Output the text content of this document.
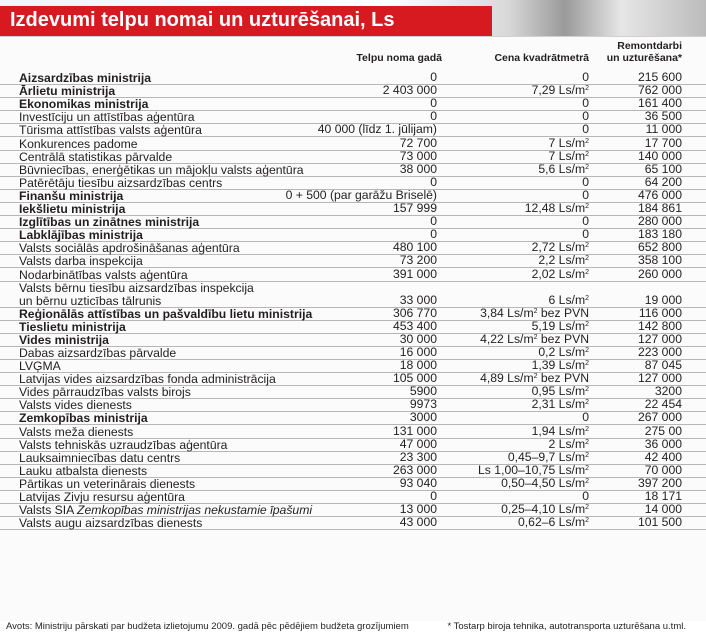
Izdevumi telpu nomai un uzturēšanai, Ls
Telpu noma gadā	Cena kvadrātmetrā
Remontdarbi
un uzturēšana*
Aizsardzības ministrija	0	0	215 600
Ārlietu ministrija	2 403 000	7,29 $Ls/m^2$	762 000
Ekonomikas ministrija	0	0	161 400
Investīciju un attīstības aģentūra	0	0	36 500
Tūrisma attīstības valsts aģentūra	40 000 (līdz 1. jūlijam)	0	11 000
Konkurences padome	72 700	7 $Ls/m^2$	17 700
Centrālā statistikas pārvalde	73 000	7 $Ls/m^2$	140 000
Būvniecības, enerģētikas un mājokļu valsts aģentūra	38 000	5,6 $Ls/m^2$	65 100
Patērētāju tiesību aizsardzības centrs	0	0	64 200
Finanšu ministrija	0 + 500 (par garāžu Briselē)	0	476 000
Iekšlietu ministrija	157 999	12,48 $Ls/m^2$	184 861
Izglītības un zinātnes ministrija	0	0	280 000
Labklājības ministrija	0	0	183 180
Valsts sociālās apdrošināšanas aģentūra	480 100	2,72 $Ls/m^2$	652 800
Valsts darba inspekcija	73 200	2,2 $Ls/m^2$	358 100
Nodarbinātības valsts aģentūra	391 000	2,02 $Ls/m^2$	260 000
Valsts bērnu tiesību aizsardzības inspekcija
un bērnu uzticības tālrunis	33 000	6 $Ls/m^2$	19 000
Reģionālās attīstības un pašvaldību lietu ministrija	306 770	3,84 $Ls/m^2$ bez PVN	116 000
Tieslietu ministrija	453 400	5,19 $Ls/m^2$	142 800
Vides ministrija	30 000	4,22 $Ls/m^2$ bez PVN	127 000
Dabas aizsardzības pārvalde	16 000	0,2 $Ls/m^2$	223 000
LVĢMA	18 000	1,39 $Ls/m^2$	87 045
Latvijas vides aizsardzības fonda administrācija	105 000	4,89 $Ls/m^2$ bez PVN	127 000
Vides pārraudzības valsts birojs	5900	0,95 $Ls/m^2$	3200
Valsts vides dienests	9973	2,31 $Ls/m^2$	22 454
Zemkopības ministrija	3000	0	267 000
Valsts meža dienests	131 000	1,94 $Ls/m^2$	275 00
Valsts tehniskās uzraudzības aģentūra	47 000	2 $Ls/m^2$	36 000
Lauksaimniecības datu centrs	23 300	0,45–9,7 $Ls/m^2$	42 400
Lauku atbalsta dienests	263 000	Ls 1,00–10,75 $Ls/m^2$	70 000
Pārtikas un veterinārais dienests	93 040	0,50–4,50 $Ls/m^2$	397 200
Latvijas Zivju resursu aģentūra	0	0	18 171
Valsts SIA Zemkopības ministrijas nekustamie īpašumi	13 000	0,25–4,10 $Ls/m^2$	14 000
Valsts augu aizsardzības dienests	43 000	0,62–6 $Ls/m^2$	101 500
Avots: Ministriju pārskati par budžeta izlietojumu 2009. gadā pēc pēdējiem budžeta grozījumiem	* Tostarp biroja tehnika, autotransporta uzturēšana u.tml.
